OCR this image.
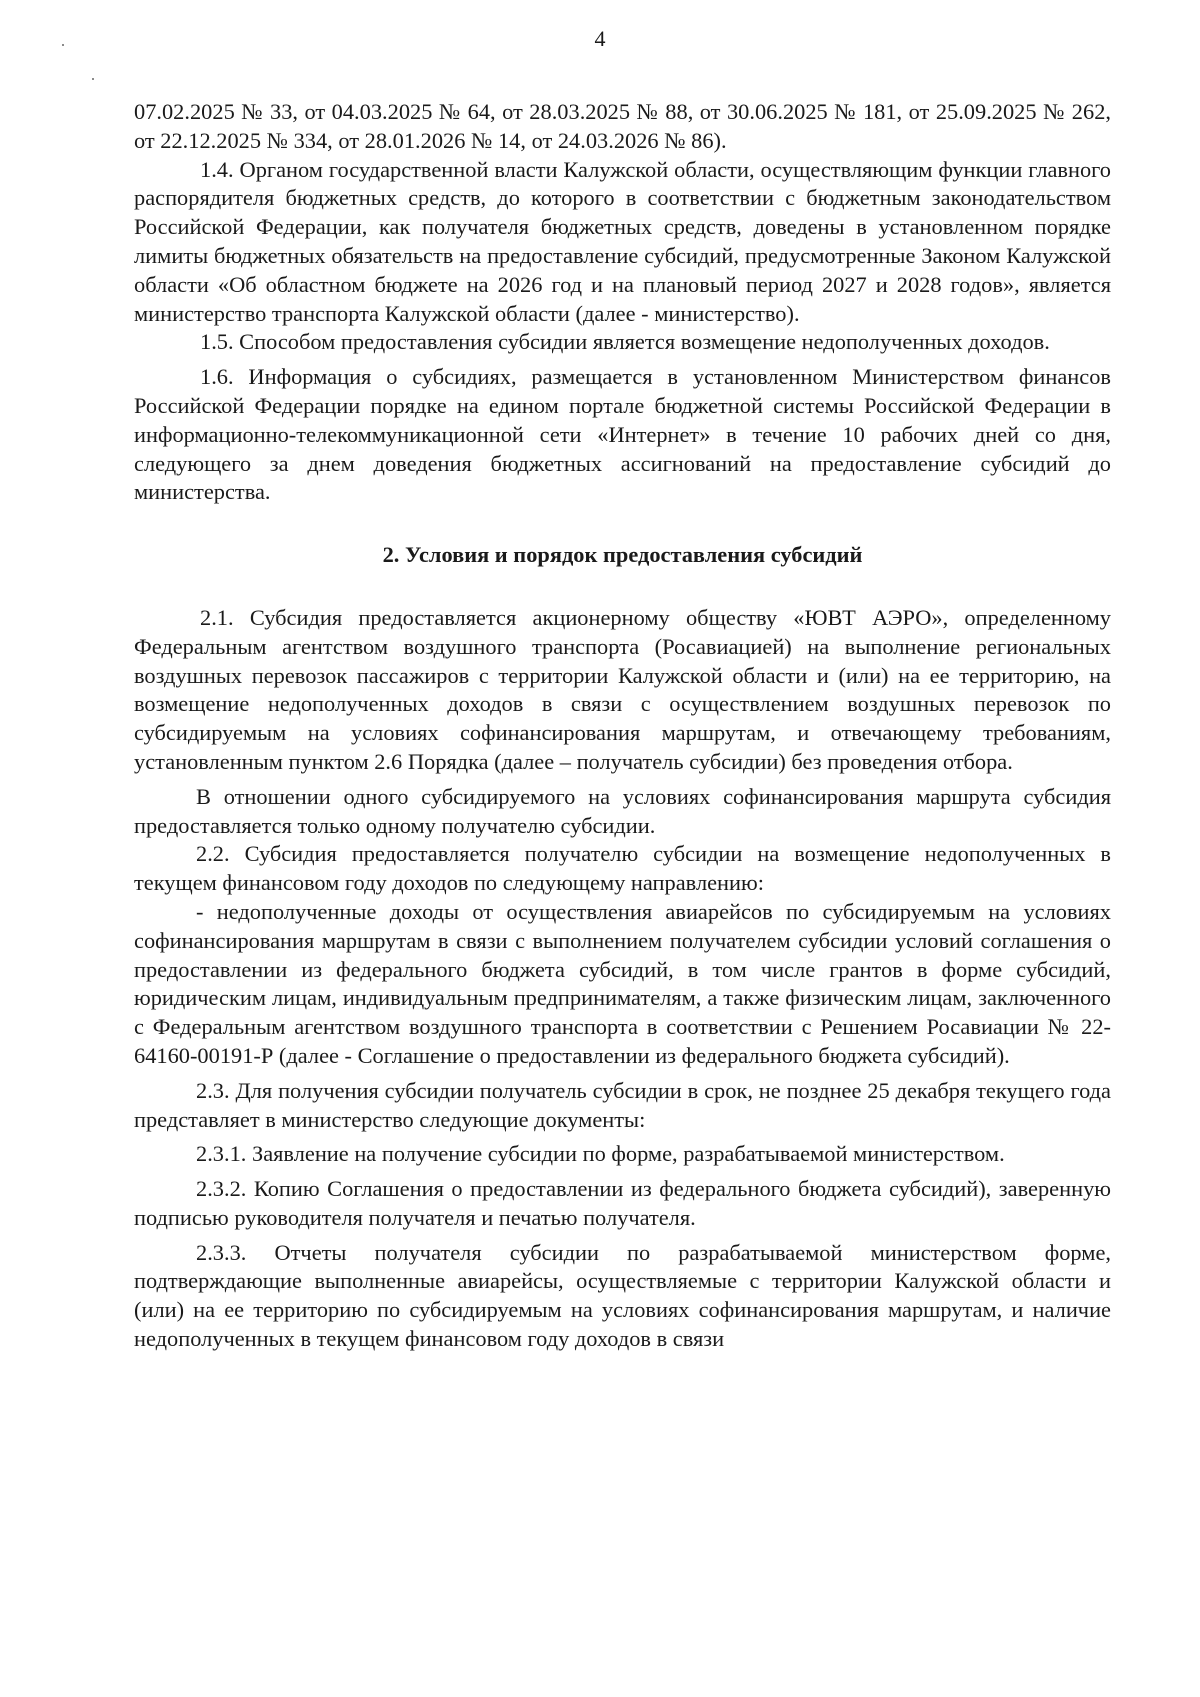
4

07.02.2025 № 33, от 04.03.2025 № 64, от 28.03.2025 № 88, от 30.06.2025 № 181, от 25.09.2025 № 262, от 22.12.2025 № 334, от 28.01.2026 № 14, от 24.03.2026 № 86).

1.4. Органом государственной власти Калужской области, осуществляющим функции главного распорядителя бюджетных средств, до которого в соответствии с бюджетным законодательством Российской Федерации, как получателя бюджетных средств, доведены в установленном порядке лимиты бюджетных обязательств на предоставление субсидий, предусмотренные Законом Калужской области «Об областном бюджете на 2026 год и на плановый период 2027 и 2028 годов», является министерство транспорта Калужской области (далее - министерство).

1.5. Способом предоставления субсидии является возмещение недополученных доходов.

1.6. Информация о субсидиях, размещается в установленном Министерством финансов Российской Федерации порядке на едином портале бюджетной системы Российской Федерации в информационно-телекоммуникационной сети «Интернет» в течение 10 рабочих дней со дня, следующего за днем доведения бюджетных ассигнований на предоставление субсидий до министерства.

2. Условия и порядок предоставления субсидий

2.1. Субсидия предоставляется акционерному обществу «ЮВТ АЭРО», определенному Федеральным агентством воздушного транспорта (Росавиацией) на выполнение региональных воздушных перевозок пассажиров с территории Калужской области и (или) на ее территорию, на возмещение недополученных доходов в связи с осуществлением воздушных перевозок по субсидируемым на условиях софинансирования маршрутам, и отвечающему требованиям, установленным пунктом 2.6 Порядка (далее – получатель субсидии) без проведения отбора.

В отношении одного субсидируемого на условиях софинансирования маршрута субсидия предоставляется только одному получателю субсидии.

2.2. Субсидия предоставляется получателю субсидии на возмещение недополученных в текущем финансовом году доходов по следующему направлению:

- недополученные доходы от осуществления авиарейсов по субсидируемым на условиях софинансирования маршрутам в связи с выполнением получателем субсидии условий соглашения о предоставлении из федерального бюджета субсидий, в том числе грантов в форме субсидий, юридическим лицам, индивидуальным предпринимателям, а также физическим лицам, заключенного с Федеральным агентством воздушного транспорта в соответствии с Решением Росавиации № 22-64160-00191-Р (далее - Соглашение о предоставлении из федерального бюджета субсидий).

2.3. Для получения субсидии получатель субсидии в срок, не позднее 25 декабря текущего года представляет в министерство следующие документы:

2.3.1. Заявление на получение субсидии по форме, разрабатываемой министерством.

2.3.2. Копию Соглашения о предоставлении из федерального бюджета субсидий), заверенную подписью руководителя получателя и печатью получателя.

2.3.3. Отчеты получателя субсидии по разрабатываемой министерством форме, подтверждающие выполненные авиарейсы, осуществляемые с территории Калужской области и (или) на ее территорию по субсидируемым на условиях софинансирования маршрутам, и наличие недополученных в текущем финансовом году доходов в связи
